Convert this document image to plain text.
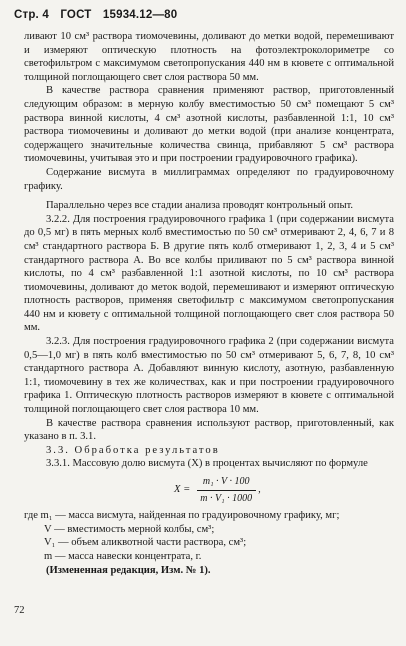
Стр. 4 ГОСТ 15934.12—80

ливают 10 см³ раствора тиомочевины, доливают до метки водой, перемешивают и измеряют оптическую плотность на фотоэлектроколориметре со светофильтром с максимумом светопропускания 440 нм в кювете с оптимальной толщиной поглощающего свет слоя раствора 50 мм.

В качестве раствора сравнения применяют раствор, приготовленный следующим образом: в мерную колбу вместимостью 50 см³ помещают 5 см³ раствора винной кислоты, 4 см³ азотной кислоты, разбавленной 1:1, 10 см³ раствора тиомочевины и доливают до метки водой (при анализе концентрата, содержащего значительные количества свинца, прибавляют 5 см³ раствора тиомочевины, учитывая это и при построении градуировочного графика).

Содержание висмута в миллиграммах определяют по градуировочному графику.

Параллельно через все стадии анализа проводят контрольный опыт.

3.2.2. Для построения градуировочного графика 1 (при содержании висмута до 0,5 мг) в пять мерных колб вместимостью по 50 см³ отмеривают 2, 4, 6, 7 и 8 см³ стандартного раствора Б. В другие пять колб отмеривают 1, 2, 3, 4 и 5 см³ стандартного раствора А. Во все колбы приливают по 5 см³ раствора винной кислоты, по 4 см³ разбавленной 1:1 азотной кислоты, по 10 см³ раствора тиомочевины, доливают до меток водой, перемешивают и измеряют оптическую плотность растворов, применяя светофильтр с максимумом светопропускания 440 нм и кювету с оптимальной толщиной поглощающего свет слоя раствора 50 мм.

3.2.3. Для построения градуировочного графика 2 (при содержании висмута 0,5—1,0 мг) в пять колб вместимостью по 50 см³ отмеривают 5, 6, 7, 8, 10 см³ стандартного раствора А. Добавляют винную кислоту, азотную, разбавленную 1:1, тиомочевину в тех же количествах, как и при построении градуировочного графика 1. Оптическую плотность растворов измеряют в кювете с оптимальной толщиной поглощающего свет слоя раствора 10 мм.

В качестве раствора сравнения используют раствор, приготовленный, как указано в п. 3.1.

3.3. Обработка результатов

3.3.1. Массовую долю висмута (X) в процентах вычисляют по формуле

$X = \frac{\text{m₁ · V · 100}}{\text{m · V₁ · 1000}}$ ,

где m₁ — масса висмута, найденная по градуировочному графику, мг;

V — вместимость мерной колбы, см³;

V₁ — объем аликвотной части раствора, см³;

m — масса навески концентрата, г.

(Измененная редакция, Изм. № 1).

72
